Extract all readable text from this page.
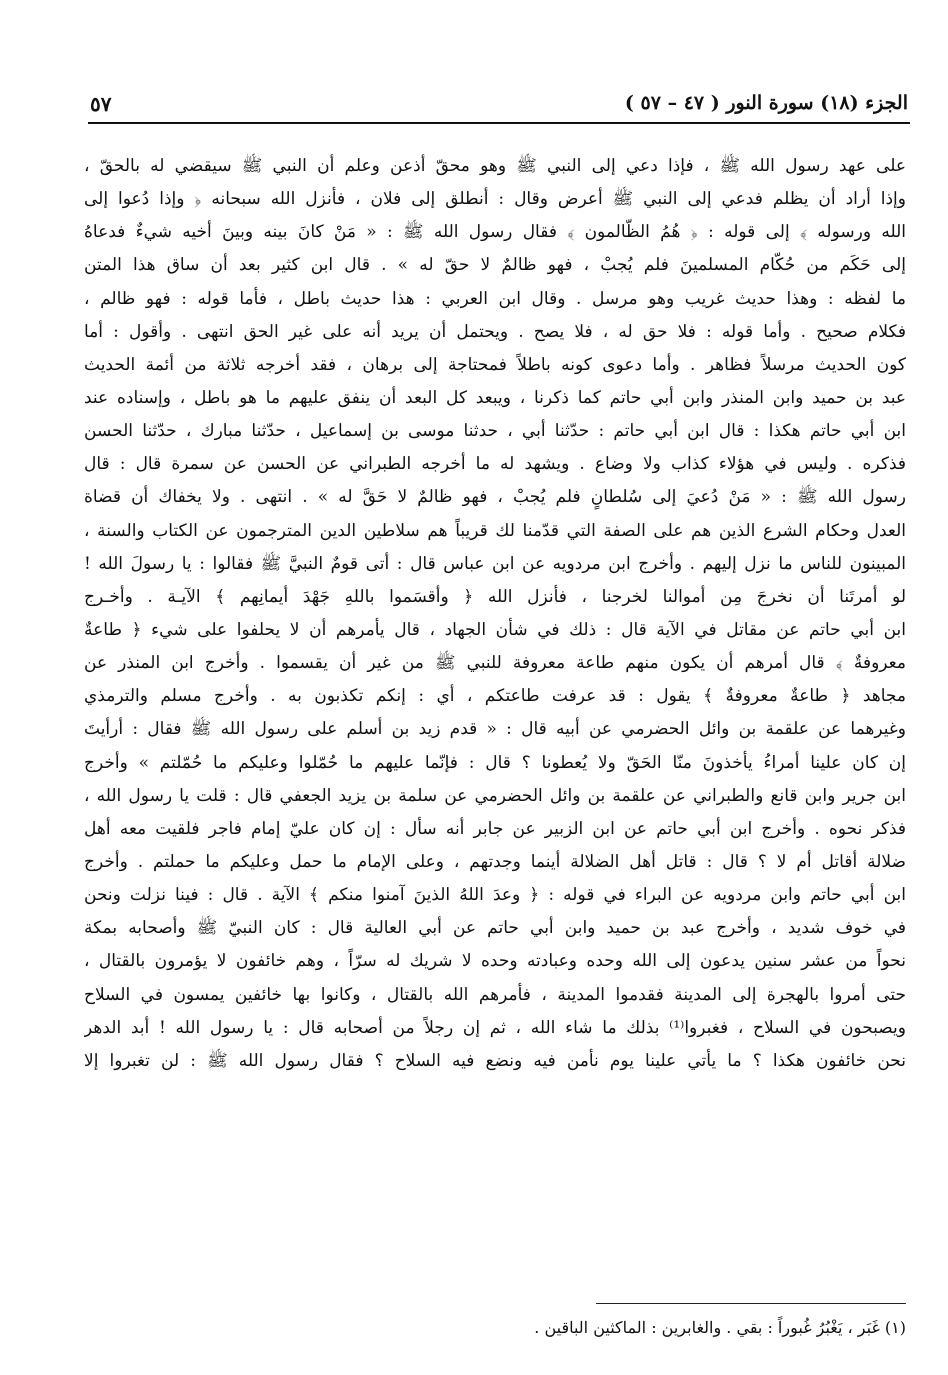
الجزء (١٨) سورة النور ( ٤٧ – ٥٧ )
٥٧
على عهد رسول الله ﷺ ، فإذا دعي إلى النبي ﷺ وهو محقّ أذعن وعلم أن النبي ﷺ سيقضي له بالحقّ ،
وإذا أراد أن يظلم فدعي إلى النبي ﷺ أعرض وقال : أنطلق إلى فلان ، فأنزل الله سبحانه ﴿ وإذا دُعوا إلى
الله ورسوله ﴾ إلى قوله : ﴿ هُمُ الظّالمون ﴾ فقال رسول الله ﷺ : « مَنْ كانَ بينه وبينَ أخيه شيءٌ فدعاهُ
إلى حَكَم من حُكّام المسلمينَ فلم يُجبْ ، فهو ظالمٌ لا حقّ له » . قال ابن كثير بعد أن ساق هذا المتن
ما لفظه : وهذا حديث غريب وهو مرسل . وقال ابن العربي : هذا حديث باطل ، فأما قوله : فهو ظالم ،
فكلام صحيح . وأما قوله : فلا حق له ، فلا يصح . ويحتمل أن يريد أنه على غير الحق انتهى . وأقول : أما
كون الحديث مرسلاً فظاهر . وأما دعوى كونه باطلاً فمحتاجة إلى برهان ، فقد أخرجه ثلاثة من أئمة الحديث
عبد بن حميد وابن المنذر وابن أبي حاتم كما ذكرنا ، ويبعد كل البعد أن ينفق عليهم ما هو باطل ، وإسناده عند
ابن أبي حاتم هكذا : قال ابن أبي حاتم : حدّثنا أبي ، حدثنا موسى بن إسماعيل ، حدّثنا مبارك ، حدّثنا الحسن
فذكره . وليس في هؤلاء كذاب ولا وضاع . ويشهد له ما أخرجه الطبراني عن الحسن عن سمرة قال : قال
رسول الله ﷺ : « مَنْ دُعيَ إلى سُلطانٍ فلم يُجبْ ، فهو ظالمٌ لا حَقَّ له » . انتهى . ولا يخفاك أن قضاة
العدل وحكام الشرع الذين هم على الصفة التي قدّمنا لك قريباً هم سلاطين الدين المترجمون عن الكتاب والسنة ،
المبينون للناس ما نزل إليهم . وأخرج ابن مردويه عن ابن عباس قال : أتى قومٌ النبيَّ ﷺ فقالوا : يا رسولَ الله !
لو أمرتَنا أن نخرجَ مِن أموالنا لخرجنا ، فأنزل الله ﴿ وأقسَموا باللهِ جَهْدَ أيمانِهم ﴾ الآيـة . وأخـرج
ابن أبي حاتم عن مقاتل في الآية قال : ذلك في شأن الجهاد ، قال يأمرهم أن لا يحلفوا على شيء ﴿ طاعةٌ
معروفةٌ ﴾ قال أمرهم أن يكون منهم طاعة معروفة للنبي ﷺ من غير أن يقسموا . وأخرج ابن المنذر عن
مجاهد ﴿ طاعةٌ معروفةٌ ﴾ يقول : قد عرفت طاعتكم ، أي : إنكم تكذبون به . وأخرج مسلم والترمذي
وغيرهما عن علقمة بن وائل الحضرمي عن أبيه قال : « قدم زيد بن أسلم على رسول الله ﷺ فقال : أرأيتَ
إن كان علينا أمراءُ يأخذونَ منّا الحَقّ ولا يُعطونا ؟ قال : فإنّما عليهم ما حُمّلوا وعليكم ما حُمّلتم » وأخرج
ابن جرير وابن قانع والطبراني عن علقمة بن وائل الحضرمي عن سلمة بن يزيد الجعفي قال : قلت يا رسول الله ،
فذكر نحوه . وأخرج ابن أبي حاتم عن ابن الزبير عن جابر أنه سأل : إن كان عليّ إمام فاجر فلقيت معه أهل
ضلالة أقاتل أم لا ؟ قال : قاتل أهل الضلالة أينما وجدتهم ، وعلى الإمام ما حمل وعليكم ما حملتم . وأخرج
ابن أبي حاتم وابن مردويه عن البراء في قوله : ﴿ وعدَ اللهُ الذينَ آمنوا منكم ﴾ الآية . قال : فينا نزلت ونحن
في خوف شديد ، وأخرج عبد بن حميد وابن أبي حاتم عن أبي العالية قال : كان النبيّ ﷺ وأصحابه بمكة
نحواً من عشر سنين يدعون إلى الله وحده وعبادته وحده لا شريك له سرّاً ، وهم خائفون لا يؤمرون بالقتال ،
حتى أمروا بالهجرة إلى المدينة فقدموا المدينة ، فأمرهم الله بالقتال ، وكانوا بها خائفين يمسون في السلاح
ويصبحون في السلاح ، فغبروا⁽¹⁾ بذلك ما شاء الله ، ثم إن رجلاً من أصحابه قال : يا رسول الله ! أبد الدهر
نحن خائفون هكذا ؟ ما يأتي علينا يوم نأمن فيه ونضع فيه السلاح ؟ فقال رسول الله ﷺ : لن تغبروا إلا
(١) غَبَر ، يَغْبُرُ غُبوراً : بقي . والغابرين : الماكثين الباقين .
